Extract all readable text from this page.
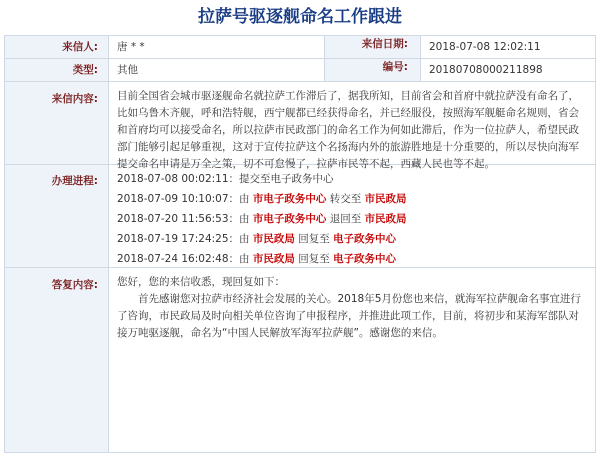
拉萨号驱逐舰命名工作跟进
来信人:	唐 * *	来信日期:	2018-07-08 12:02:11
类型:	其他	编号:	20180708000211898
来信内容:	目前全国省会城市驱逐舰命名就拉萨工作滞后了，据我所知，目前省会和首府中就拉萨没有命名了，比如乌鲁木齐舰，呼和浩特舰，西宁舰都已经获得命名，并已经服役，按照海军舰艇命名规则，省会和首府均可以接受命名，所以拉萨市民政部门的命名工作为何如此滞后，作为一位拉萨人，希望民政部门能够引起足够重视，这对于宣传拉萨这个名扬海内外的旅游胜地是十分重要的，所以尽快向海军提交命名申请是万全之策，切不可怠慢了，拉萨市民等不起，西藏人民也等不起。
办理进程:	2018-07-08 00:02:11：提交至电子政务中心
2018-07-09 10:10:07：由 市电子政务中心 转交至 市民政局
2018-07-20 11:56:53：由 市电子政务中心 退回至 市民政局
2018-07-19 17:24:25：由 市民政局 回复至 电子政务中心
2018-07-24 16:02:48：由 市民政局 回复至 电子政务中心
答复内容:	您好，您的来信收悉，现回复如下：

首先感谢您对拉萨市经济社会发展的关心。2018年5月份您也来信，就海军拉萨舰命名事宜进行了咨询，市民政局及时向相关单位咨询了申报程序，并推进此项工作，目前，将初步和某海军部队对接万吨驱逐舰，命名为“中国人民解放军海军拉萨舰”。感谢您的来信。
